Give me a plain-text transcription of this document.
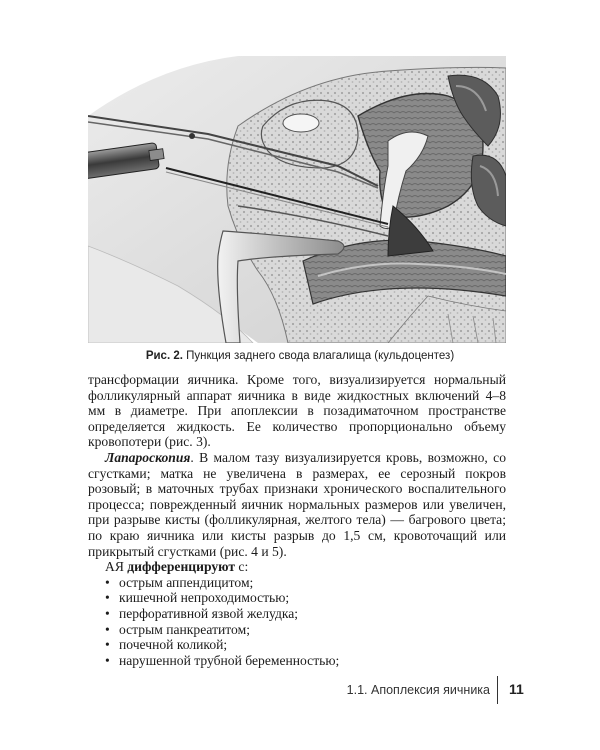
Рис. 2. Пункция заднего свода влагалища (кульдоцентез)

трансформации яичника. Кроме того, визуализируется нормальный фолликулярный аппарат яичника в виде жидкостных включений 4–8 мм в диаметре. При апоплексии в позадиматочном пространстве определяется жидкость. Ее количество пропорционально объему кровопотери (рис. 3).

Лапароскопия. В малом тазу визуализируется кровь, возможно, со сгустками; матка не увеличена в размерах, ее серозный покров розовый; в маточных трубах признаки хронического воспалительного процесса; поврежденный яичник нормальных размеров или увеличен, при разрыве кисты (фолликулярная, желтого тела) — багрового цвета; по краю яичника или кисты разрыв до 1,5 см, кровоточащий или прикрытый сгустками (рис. 4 и 5).

АЯ дифференцируют с:

• острым аппендицитом;
• кишечной непроходимостью;
• перфоративной язвой желудка;
• острым панкреатитом;
• почечной коликой;
• нарушенной трубной беременностью;
1.1. Апоплексия яичника 11
